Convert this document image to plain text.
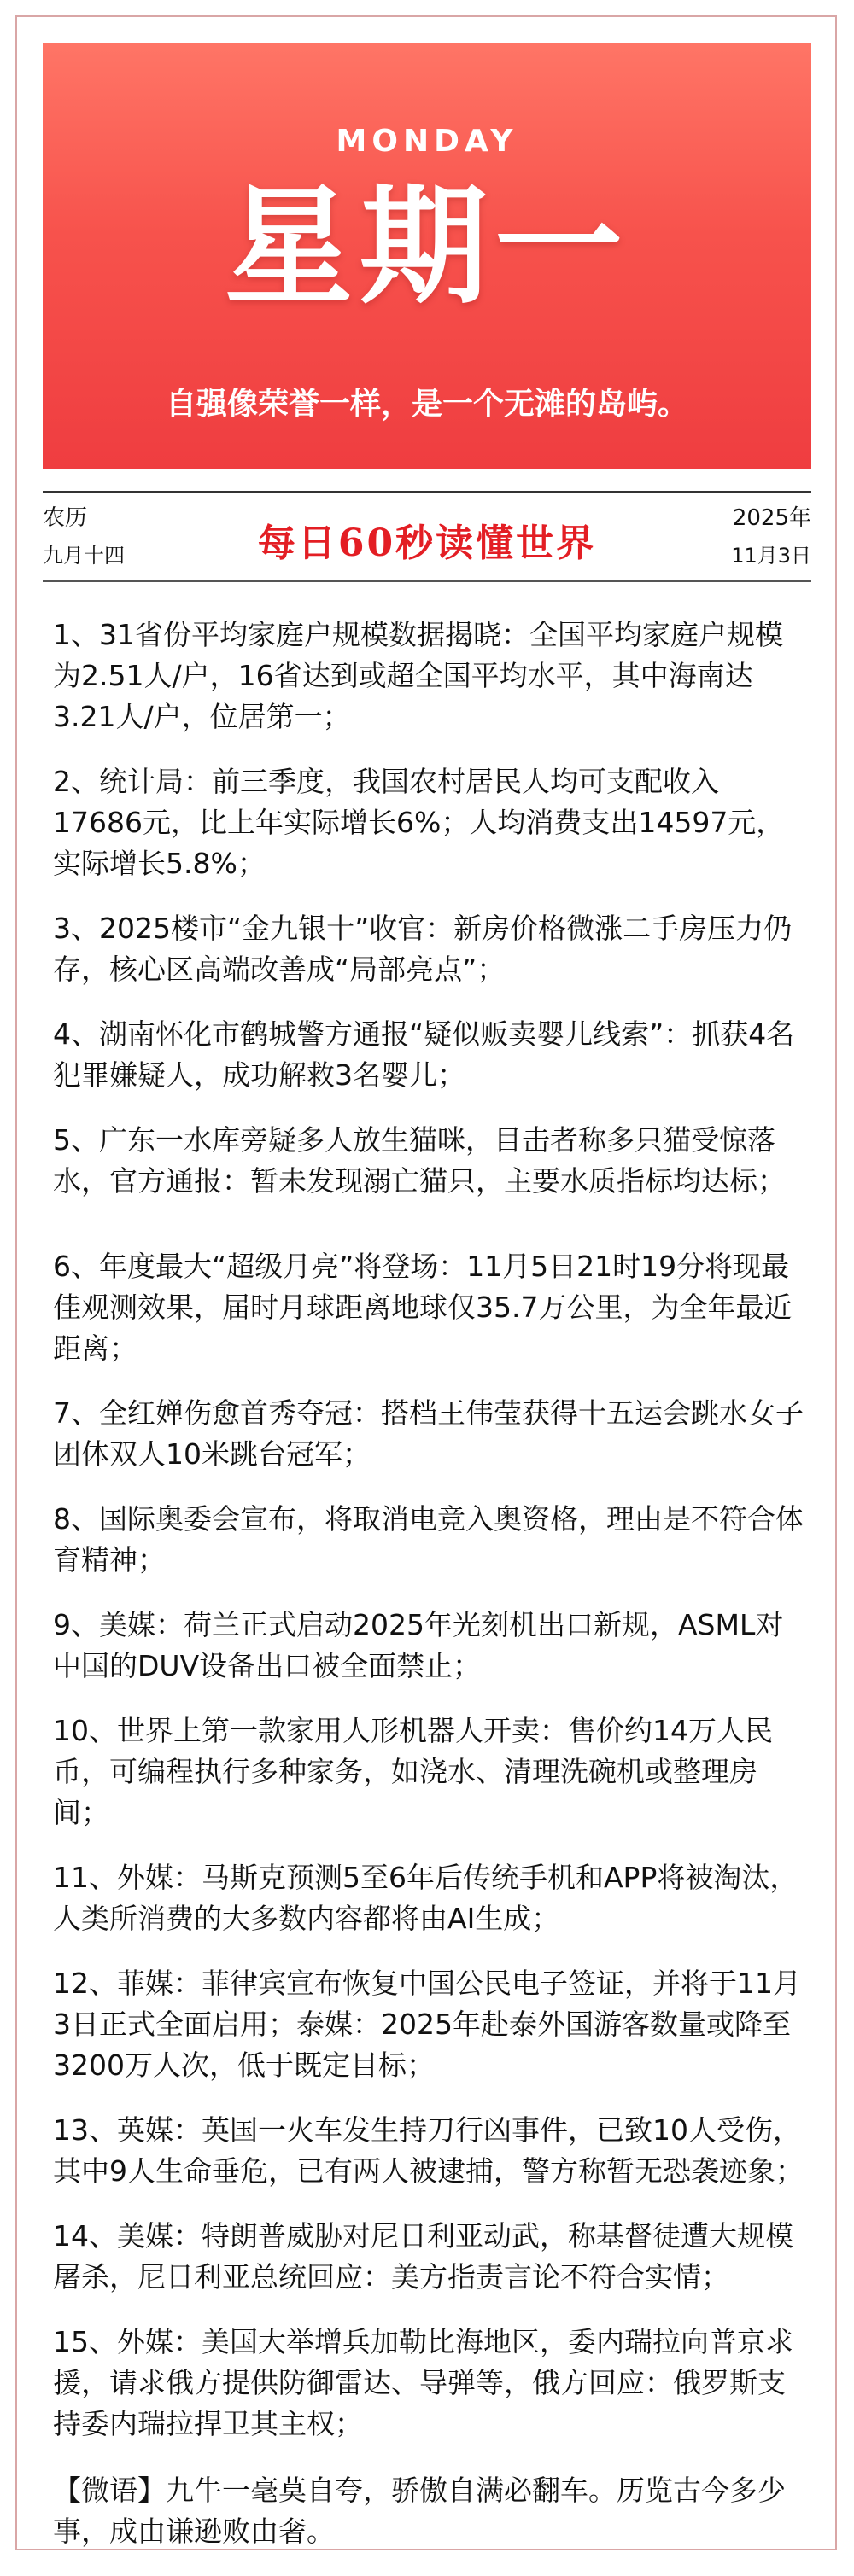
MONDAY
星期一
自强像荣誉一样，是一个无滩的岛屿。
农历
九月十四	每日60秒读懂世界
2025年
11月3日

1、31省份平均家庭户规模数据揭晓：全国平均家庭户规模为2.51人/户，16省达到或超全国平均水平，其中海南达3.21人/户，位居第一；

2、统计局：前三季度，我国农村居民人均可支配收入17686元，比上年实际增长6%；人均消费支出14597元，实际增长5.8%；

3、2025楼市“金九银十”收官：新房价格微涨二手房压力仍存，核心区高端改善成“局部亮点”；

4、湖南怀化市鹤城警方通报“疑似贩卖婴儿线索”：抓获4名犯罪嫌疑人，成功解救3名婴儿；

5、广东一水库旁疑多人放生猫咪，目击者称多只猫受惊落水，官方通报：暂未发现溺亡猫只，主要水质指标均达标；

6、年度最大“超级月亮”将登场：11月5日21时19分将现最佳观测效果，届时月球距离地球仅35.7万公里，为全年最近距离；

7、全红婵伤愈首秀夺冠：搭档王伟莹获得十五运会跳水女子团体双人10米跳台冠军；

8、国际奥委会宣布，将取消电竞入奥资格，理由是不符合体育精神；

9、美媒：荷兰正式启动2025年光刻机出口新规，ASML对中国的DUV设备出口被全面禁止；

10、世界上第一款家用人形机器人开卖：售价约14万人民币，可编程执行多种家务，如浇水、清理洗碗机或整理房间；

11、外媒：马斯克预测5至6年后传统手机和APP将被淘汰，人类所消费的大多数内容都将由AI生成；

12、菲媒：菲律宾宣布恢复中国公民电子签证，并将于11月3日正式全面启用；泰媒：2025年赴泰外国游客数量或降至3200万人次，低于既定目标；

13、英媒：英国一火车发生持刀行凶事件，已致10人受伤，其中9人生命垂危，已有两人被逮捕，警方称暂无恐袭迹象；

14、美媒：特朗普威胁对尼日利亚动武，称基督徒遭大规模屠杀，尼日利亚总统回应：美方指责言论不符合实情；

15、外媒：美国大举增兵加勒比海地区，委内瑞拉向普京求援，请求俄方提供防御雷达、导弹等，俄方回应：俄罗斯支持委内瑞拉捍卫其主权；

【微语】九牛一毫莫自夸，骄傲自满必翻车。历览古今多少事，成由谦逊败由奢。
